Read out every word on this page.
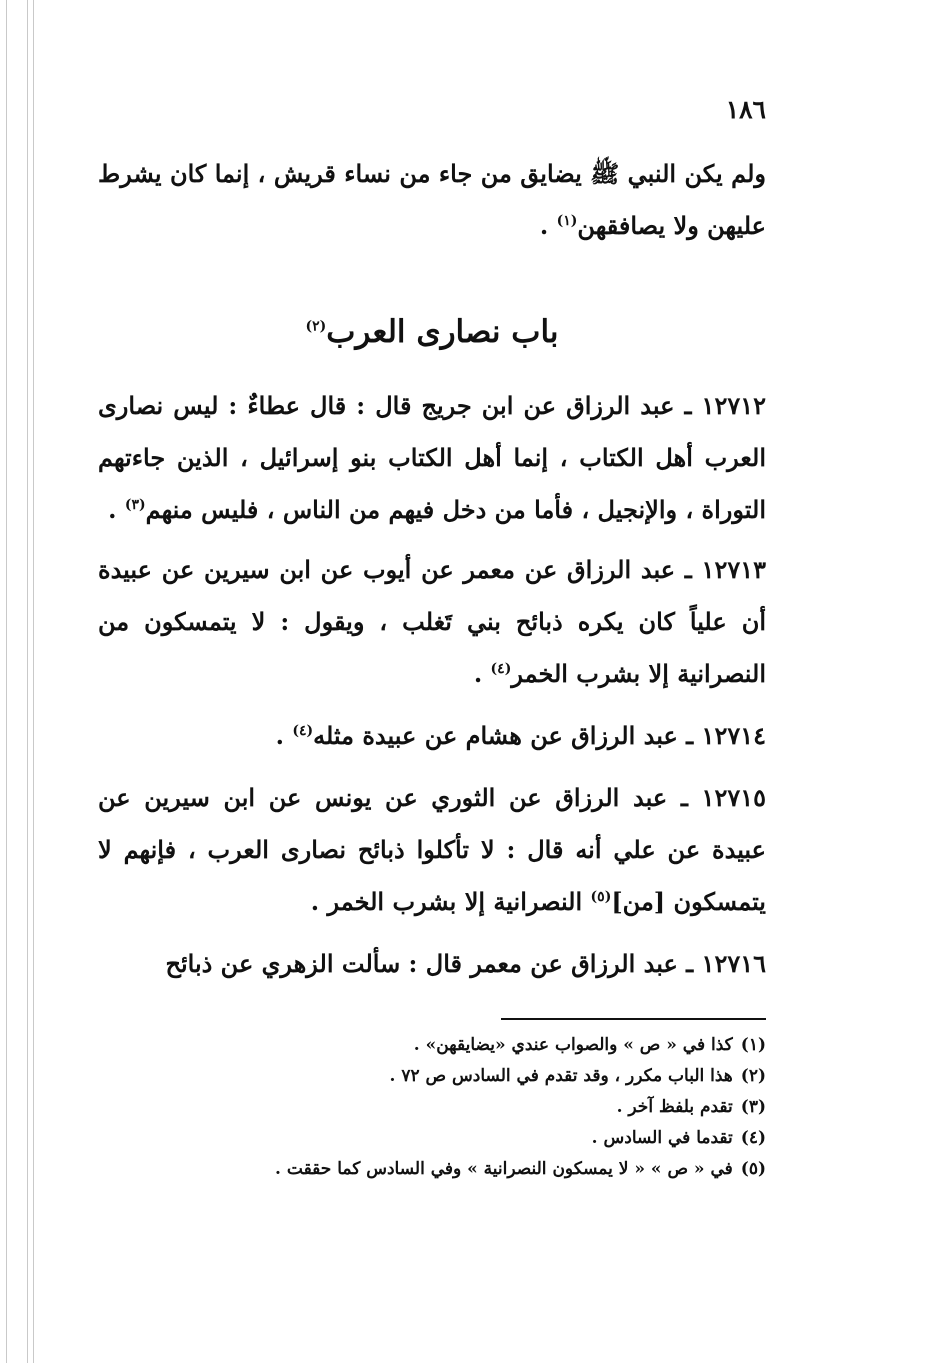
١٨٦

ولم يكن النبي ﷺ يضايق من جاء من نساء قريش ، إنما كان يشرط عليهن ولا يصافقهن$^{(١)}$ .

باب نصارى العرب$^{(٢)}$

١٢٧١٢ ـ عبد الرزاق عن ابن جريج قال : قال عطاءٌ : ليس نصارى العرب أهل الكتاب ، إنما أهل الكتاب بنو إسرائيل ، الذين جاءتهم التوراة ، والإنجيل ، فأما من دخل فيهم من الناس ، فليس منهم$^{(٣)}$ .

١٢٧١٣ ـ عبد الرزاق عن معمر عن أيوب عن ابن سيرين عن عبيدة أن علياً كان يكره ذبائح بني تَغلب ، ويقول : لا يتمسكون من النصرانية إلا بشرب الخمر$^{(٤)}$ .

١٢٧١٤ ـ عبد الرزاق عن هشام عن عبيدة مثله$^{(٤)}$ .

١٢٧١٥ ـ عبد الرزاق عن الثوري عن يونس عن ابن سيرين عن عبيدة عن علي أنه قال : لا تأكلوا ذبائح نصارى العرب ، فإنهم لا يتمسكون [من]$^{(٥)}$ النصرانية إلا بشرب الخمر .

١٢٧١٦ ـ عبد الرزاق عن معمر قال : سألت الزهري عن ذبائح

(١)كذا في « ص » والصواب عندي «يضايقهن» .

(٢)هذا الباب مكرر ، وقد تقدم في السادس ص ٧٢ .

(٣)تقدم بلفظ آخر .

(٤)تقدما في السادس .

(٥)في « ص » « لا يمسكون النصرانية » وفي السادس كما حققت .
